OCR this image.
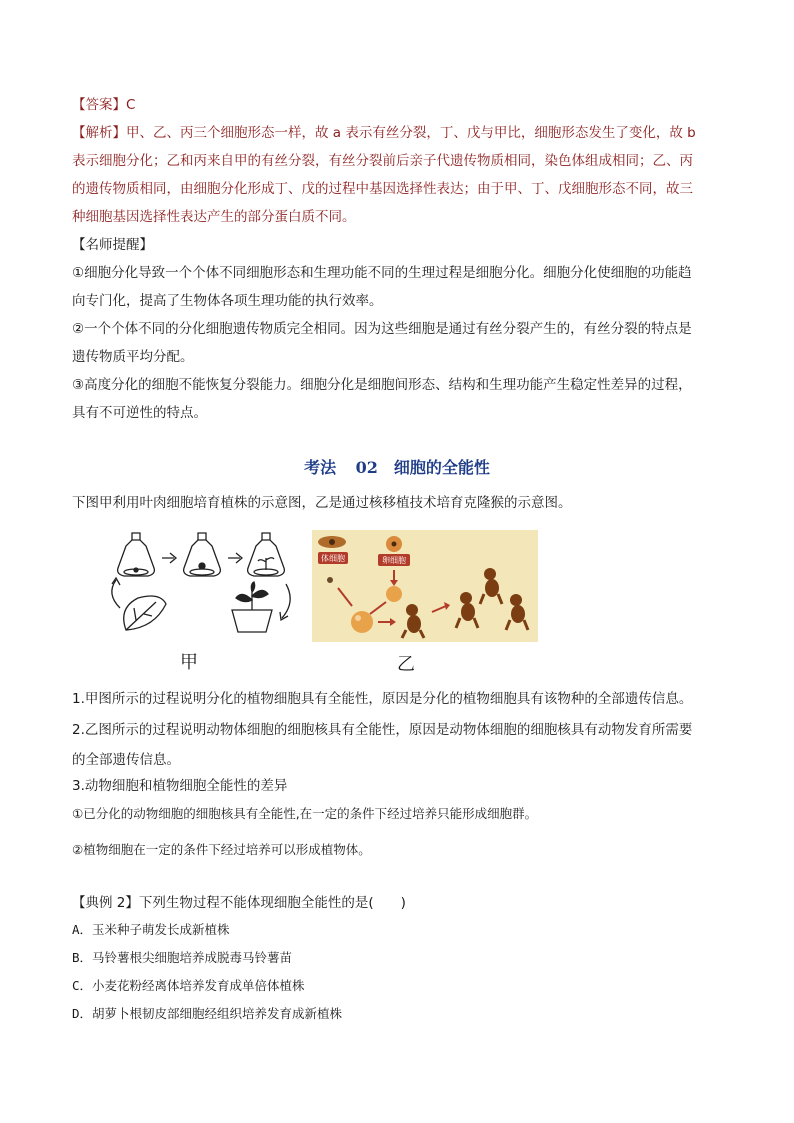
【答案】C
【解析】甲、乙、丙三个细胞形态一样，故 a 表示有丝分裂，丁、戊与甲比，细胞形态发生了变化，故 b
表示细胞分化；乙和丙来自甲的有丝分裂，有丝分裂前后亲子代遗传物质相同，染色体组成相同；乙、丙
的遗传物质相同，由细胞分化形成丁、戊的过程中基因选择性表达；由于甲、丁、戊细胞形态不同，故三
种细胞基因选择性表达产生的部分蛋白质不同。
【名师提醒】
①细胞分化导致一个个体不同细胞形态和生理功能不同的生理过程是细胞分化。细胞分化使细胞的功能趋
向专门化，提高了生物体各项生理功能的执行效率。
②一个个体不同的分化细胞遗传物质完全相同。因为这些细胞是通过有丝分裂产生的，有丝分裂的特点是
遗传物质平均分配。
③高度分化的细胞不能恢复分裂能力。细胞分化是细胞间形态、结构和生理功能产生稳定性差异的过程，
具有不可逆性的特点。
考法 02　细胞的全能性
下图甲利用叶肉细胞培育植株的示意图，乙是通过核移植技术培育克隆猴的示意图。
甲
体细胞	卵细胞
乙
1.甲图所示的过程说明分化的植物细胞具有全能性，原因是分化的植物细胞具有该物种的全部遗传信息。
2.乙图所示的过程说明动物体细胞的细胞核具有全能性，原因是动物体细胞的细胞核具有动物发育所需要
的全部遗传信息。
3.动物细胞和植物细胞全能性的差异
①已分化的动物细胞的细胞核具有全能性,在一定的条件下经过培养只能形成细胞群。
②植物细胞在一定的条件下经过培养可以形成植物体。
【典例 2】下列生物过程不能体现细胞全能性的是(　　)
A．玉米种子萌发长成新植株
B．马铃薯根尖细胞培养成脱毒马铃薯苗
C．小麦花粉经离体培养发育成单倍体植株
D．胡萝卜根韧皮部细胞经组织培养发育成新植株
